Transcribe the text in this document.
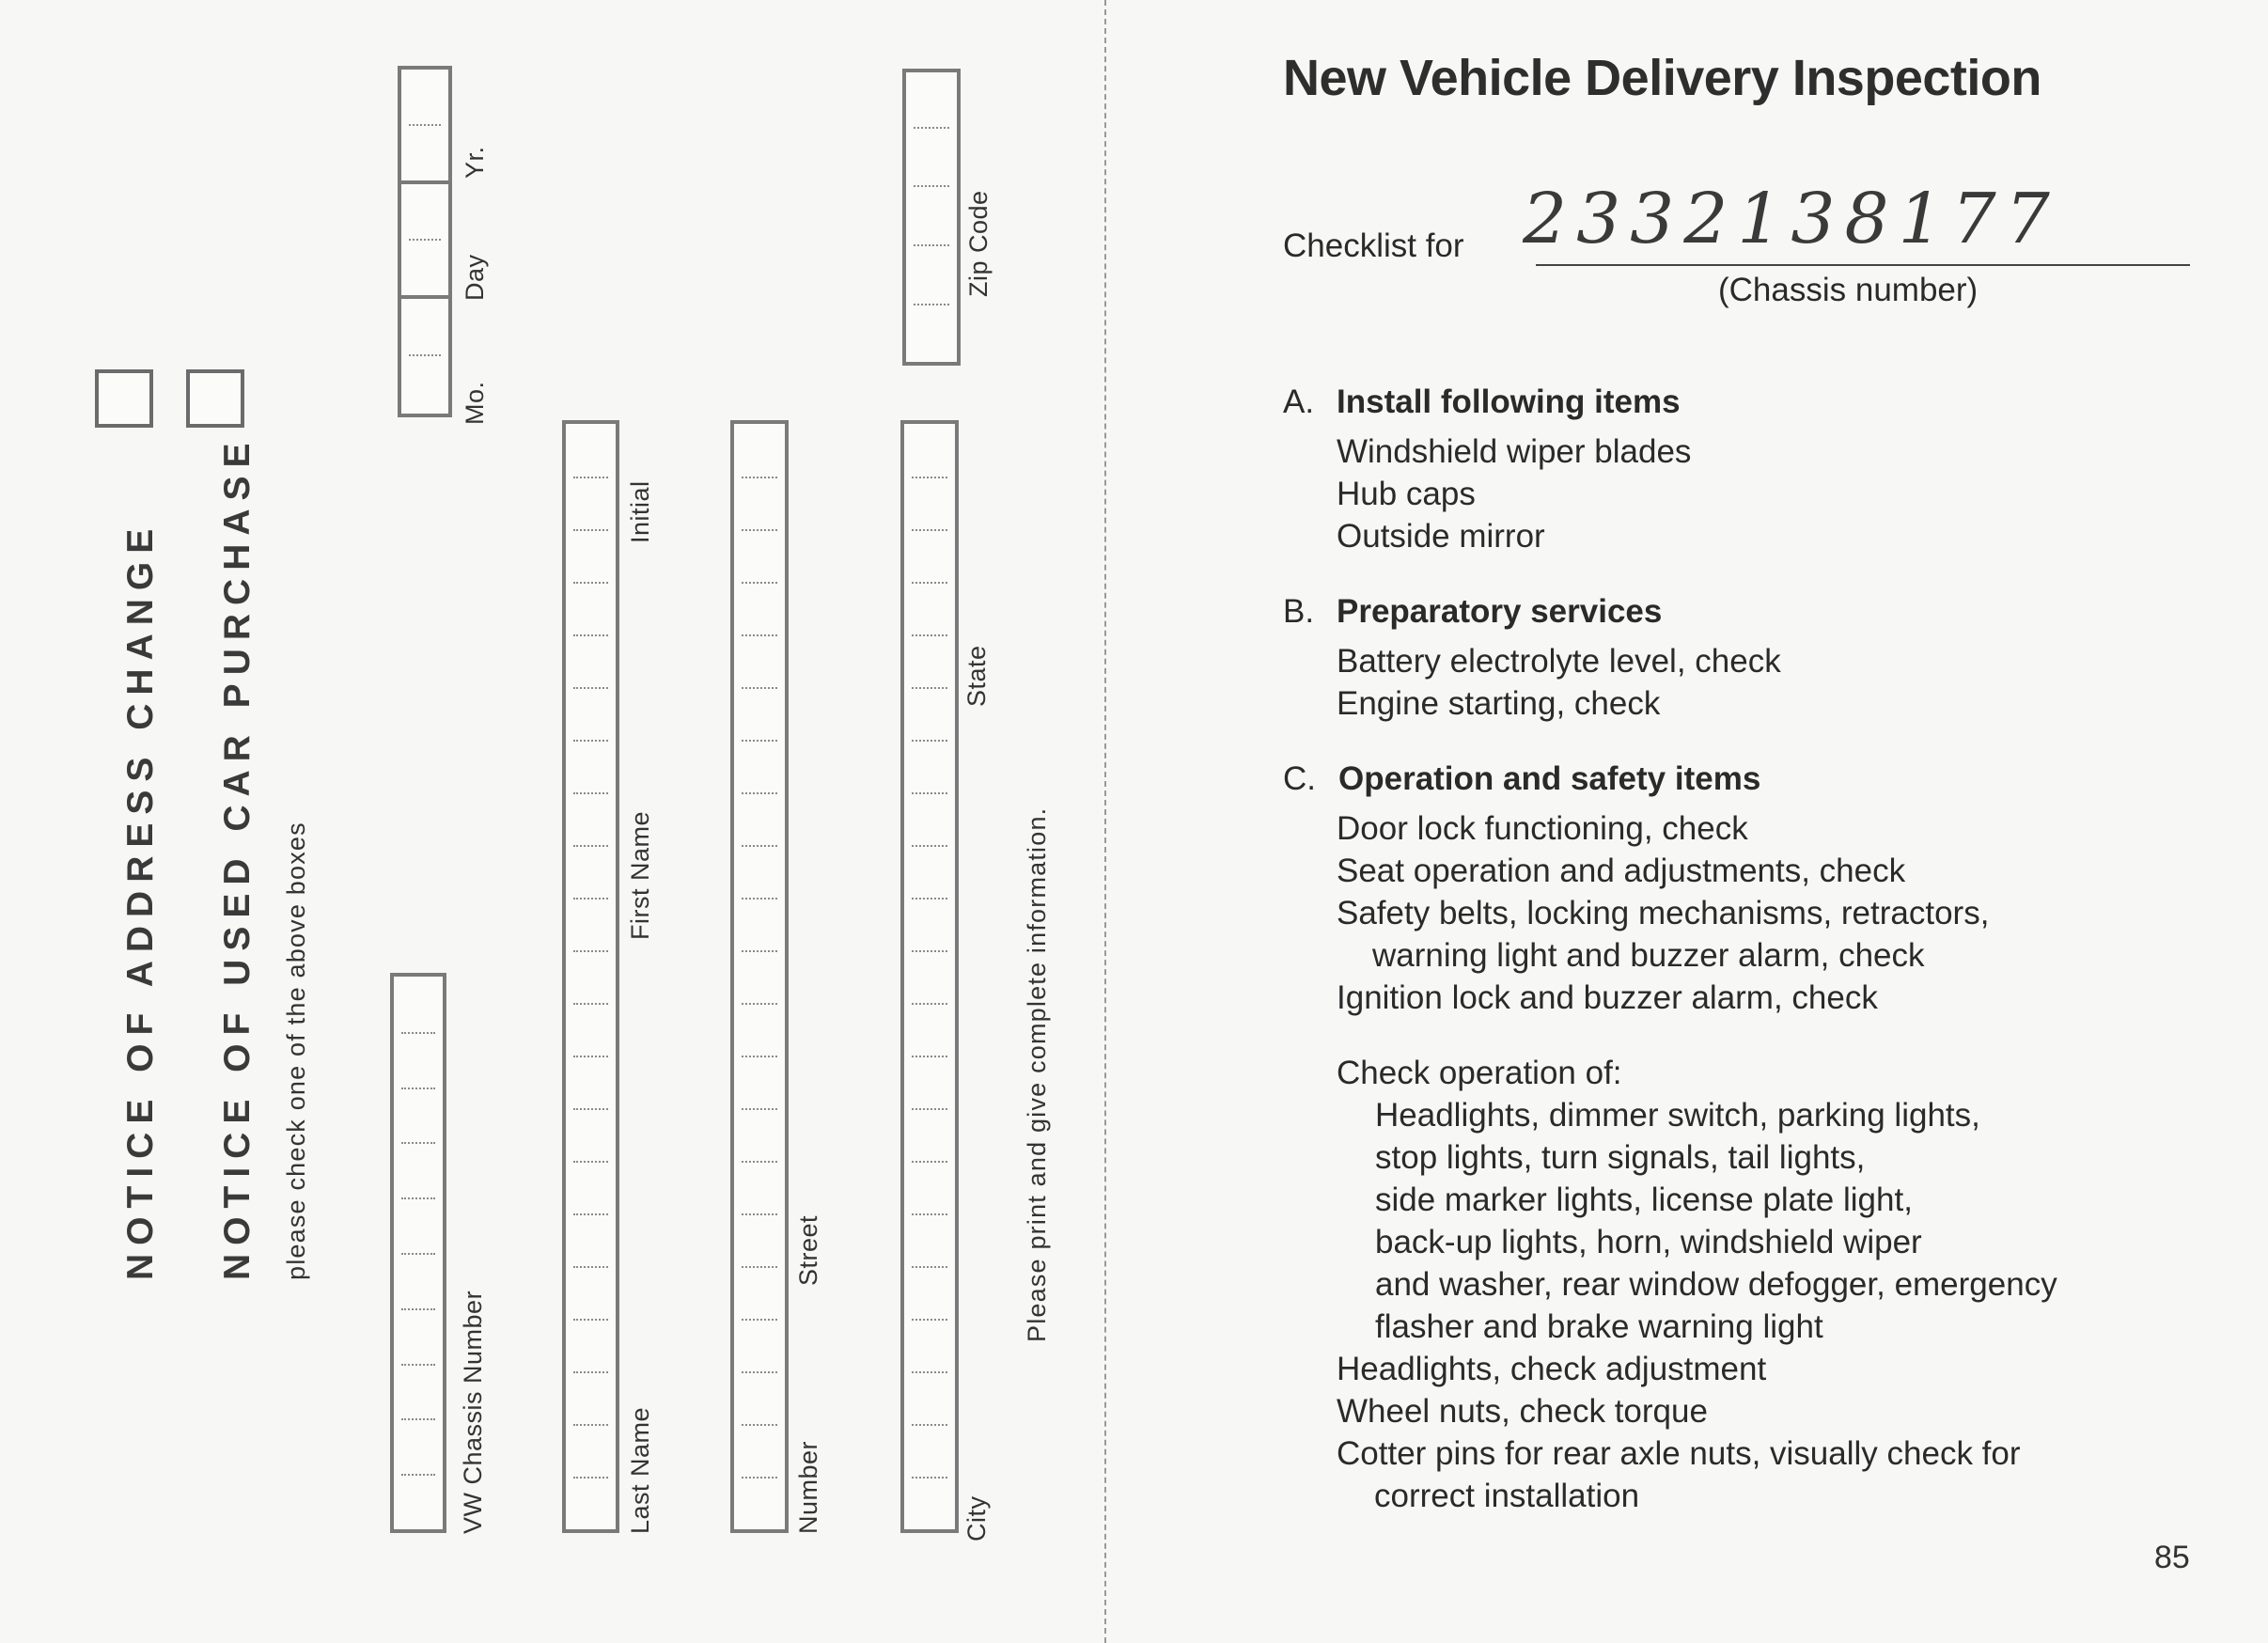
NOTICE OF ADDRESS CHANGE NOTICE OF USED CAR PURCHASE please check one of the above boxes
Mo.
Day
Yr.
VW Chassis Number	Last Name
First Name
Initial
Number
Street
Zip Code
City
State
Please print and give complete information.
New Vehicle Delivery Inspection
Checklist for 2332138177
(Chassis number)
A. Install following items
Windshield wiper blades
Hub caps
Outside mirror
B. Preparatory services
Battery electrolyte level, check
Engine starting, check
C. Operation and safety items
Door lock functioning, check
Seat operation and adjustments, check
Safety belts, locking mechanisms, retractors,
warning light and buzzer alarm, check
Ignition lock and buzzer alarm, check
Check operation of:
Headlights, dimmer switch, parking lights,
stop lights, turn signals, tail lights,
side marker lights, license plate light,
back-up lights, horn, windshield wiper
and washer, rear window defogger, emergency
flasher and brake warning light
Headlights, check adjustment
Wheel nuts, check torque
Cotter pins for rear axle nuts, visually check for
correct installation
85
